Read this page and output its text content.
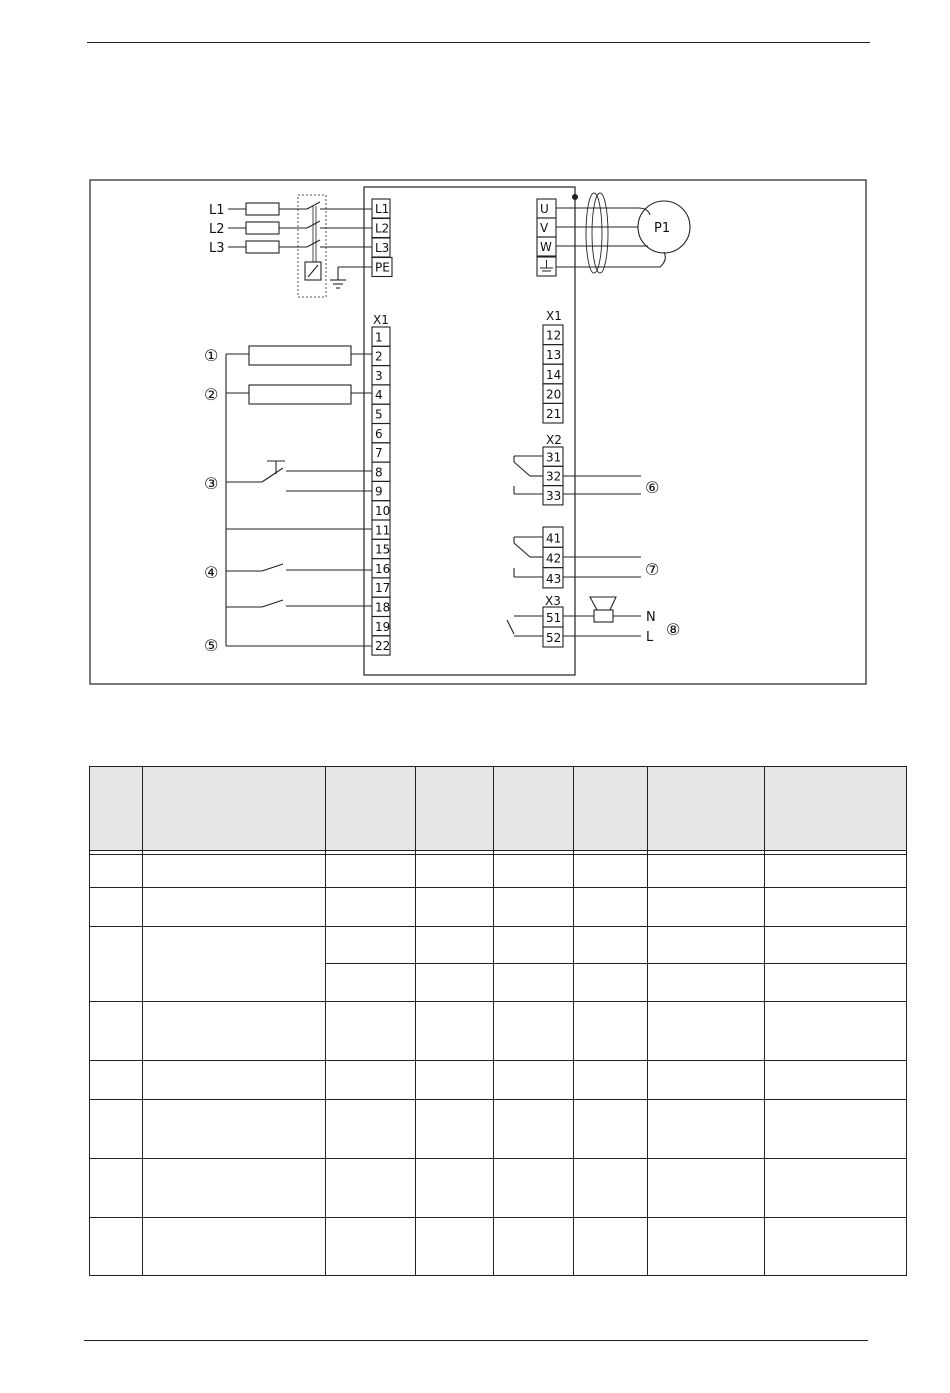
L1
L2
L3
L1
L2
L3
PE
U
V
W
P1
X1	X1
X2
X3
1
2
3
4
5
6
7
8
9
10
11
15
16
17
18
19
22
12
13
14
20
21
31
32
33
41
42
43
51
52
N
L
①
②
③
④
⑤
⑥
⑦
⑧
